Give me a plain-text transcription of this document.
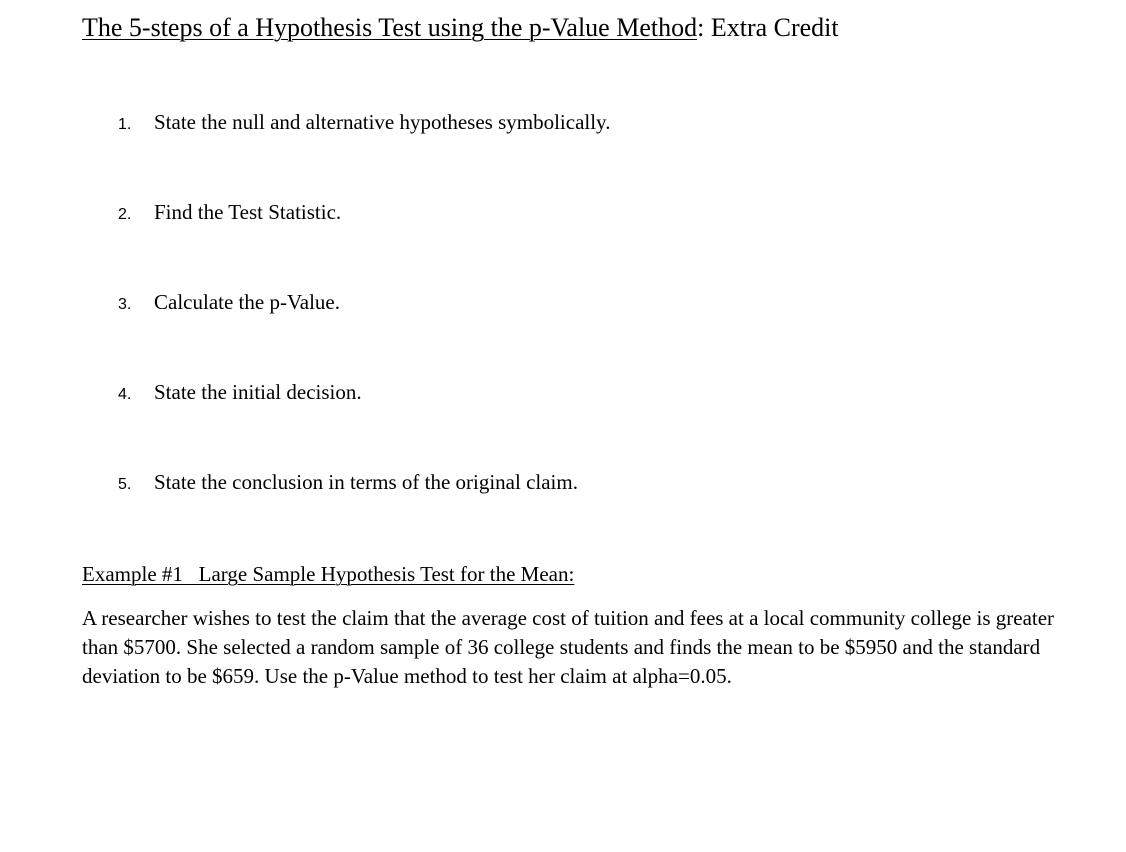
The 5-steps of a Hypothesis Test using the p-Value Method: Extra Credit
1. State the null and alternative hypotheses symbolically.
2. Find the Test Statistic.
3. Calculate the p-Value.
4. State the initial decision.
5. State the conclusion in terms of the original claim.
Example #1   Large Sample Hypothesis Test for the Mean:
A researcher wishes to test the claim that the average cost of tuition and fees at a local community college is greater than $5700. She selected a random sample of 36 college students and finds the mean to be $5950 and the standard deviation to be $659. Use the p-Value method to test her claim at alpha=0.05.
